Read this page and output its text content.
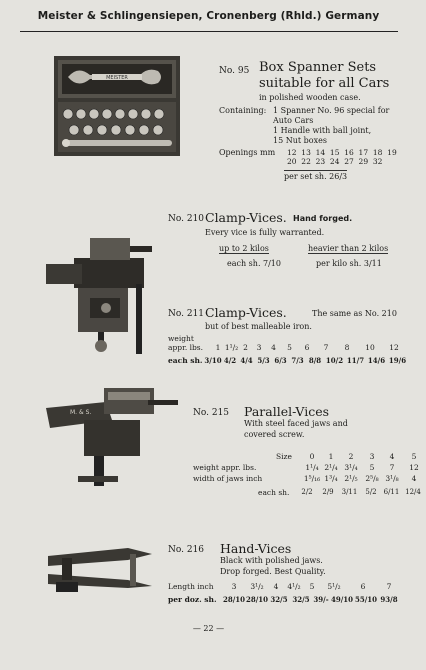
Meister & Schlingensiepen, Cronenberg (Rhld.) Germany
MEISTER
No. 95 Box Spanner Sets
suitable for all Cars
in polished wooden case.
Containing: 1 Spanner No. 96 special for
Auto Cars
1 Handle with ball joint,
15 Nut boxes
Openings mm 12  13  14  15  16  17  18  19
20  22  23  24  27  29  32
per set sh. 26/3
No. 210 Clamp-Vices. Hand forged.
Every vice is fully warranted.
up to 2 kilos	heavier than 2 kilos
each sh. 7/10	per kilo sh. 3/11
No. 211 Clamp-Vices.	The same as No. 210
but of best malleable iron.
weight
appr. lbs.	1 1¹/₂ 2	3	4	5	6	7	8	10	12
each sh. 3/10 4/2 4/4 5/3 6/3 7/3 8/8 10/2 11/7 14/6 19/6
M. & S.	No. 215 Parallel-Vices
With steel faced jaws and
covered screw.
Size	0	1	2	3	4	5
weight appr. lbs.	1¹/₄ 2¹/₄ 3¹/₄	5	7	12
width of jaws inch	1⁵/₁₆ 1³/₄ 2¹/₅	2⁵/₈ 3¹/₈	4
each sh.	2/2	2/9	3/11	5/2	6/11 12/4
No. 216 Hand-Vices
Black with polished jaws.
Drop forged. Best Quality.
Length inch	3	3¹/₂	4	4¹/₂	5	5¹/₂	6	7
per doz. sh. 28/10 28/10 32/5 32/5 39/- 49/10 55/10 93/8
— 22 —
